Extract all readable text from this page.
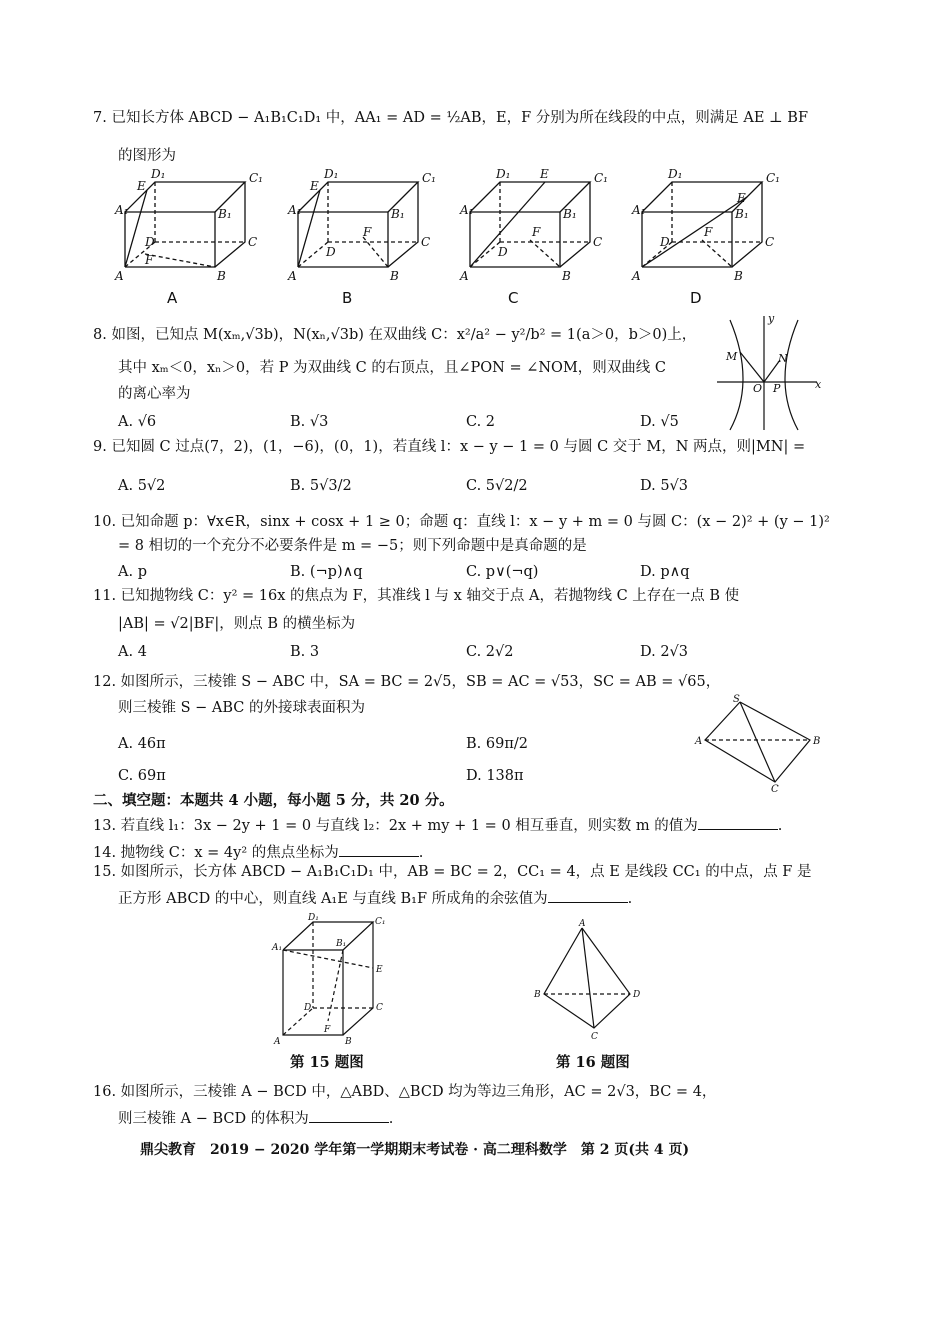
7. 已知长方体 ABCD − A₁B₁C₁D₁ 中，AA₁ = AD = ½AB，E，F 分别为所在线段的中点，则满足 AE ⊥ BF
的图形为
A	B
C
D
A₁	B₁
C₁
D₁
E
F
A
A	B
C
D
A₁	B₁
C₁
D₁
E
F
B
A	B
C
D
A₁	B₁
C₁
D₁ E
F
C
A	B
C
D
A₁	B₁
C₁
D₁
E
F
D
8. 如图，已知点 M(xₘ,√3b)，N(xₙ,√3b) 在双曲线 C：x²/a² − y²/b² = 1(a＞0，b＞0)上，
其中 xₘ＜0，xₙ＞0，若 P 为双曲线 C 的右顶点，且∠PON = ∠NOM，则双曲线 C
的离心率为
A. √6	B. √3	C. 2	D. √5
y
x
M	N
O P
9. 已知圆 C 过点(7，2)，(1，−6)，(0，1)，若直线 l：x − y − 1 = 0 与圆 C 交于 M，N 两点，则|MN| =
A. 5√2	B. 5√3/2	C. 5√2/2	D. 5√3
10. 已知命题 p：∀x∈R，sinx + cosx + 1 ≥ 0；命题 q：直线 l：x − y + m = 0 与圆 C：(x − 2)² + (y − 1)²
= 8 相切的一个充分不必要条件是 m = −5；则下列命题中是真命题的是
A. p	B. (¬p)∧q	C. p∨(¬q)	D. p∧q
11. 已知抛物线 C：y² = 16x 的焦点为 F，其准线 l 与 x 轴交于点 A，若抛物线 C 上存在一点 B 使
|AB| = √2|BF|，则点 B 的横坐标为
A. 4	B. 3	C. 2√2	D. 2√3
12. 如图所示，三棱锥 S − ABC 中，SA = BC = 2√5，SB = AC = √53，SC = AB = √65，
则三棱锥 S − ABC 的外接球表面积为
A. 46π	B. 69π/2
C. 69π	D. 138π
S
A	B
C
二、填空题：本题共 4 小题，每小题 5 分，共 20 分。
13. 若直线 l₁：3x − 2y + 1 = 0 与直线 l₂：2x + my + 1 = 0 相互垂直，则实数 m 的值为	.
14. 抛物线 C：x = 4y² 的焦点坐标为	.
15. 如图所示，长方体 ABCD − A₁B₁C₁D₁ 中，AB = BC = 2，CC₁ = 4，点 E 是线段 CC₁ 的中点，点 F 是
正方形 ABCD 的中心，则直线 A₁E 与直线 B₁F 所成角的余弦值为	.
D₁	C₁
A₁	B₁
E
D	C
F
A	B
第 15 题图
A
B	D
C
第 16 题图
16. 如图所示，三棱锥 A − BCD 中，△ABD、△BCD 均为等边三角形，AC = 2√3，BC = 4，
则三棱锥 A − BCD 的体积为	.
鼎尖教育　2019 − 2020 学年第一学期期末考试卷 · 高二理科数学　第 2 页(共 4 页)
